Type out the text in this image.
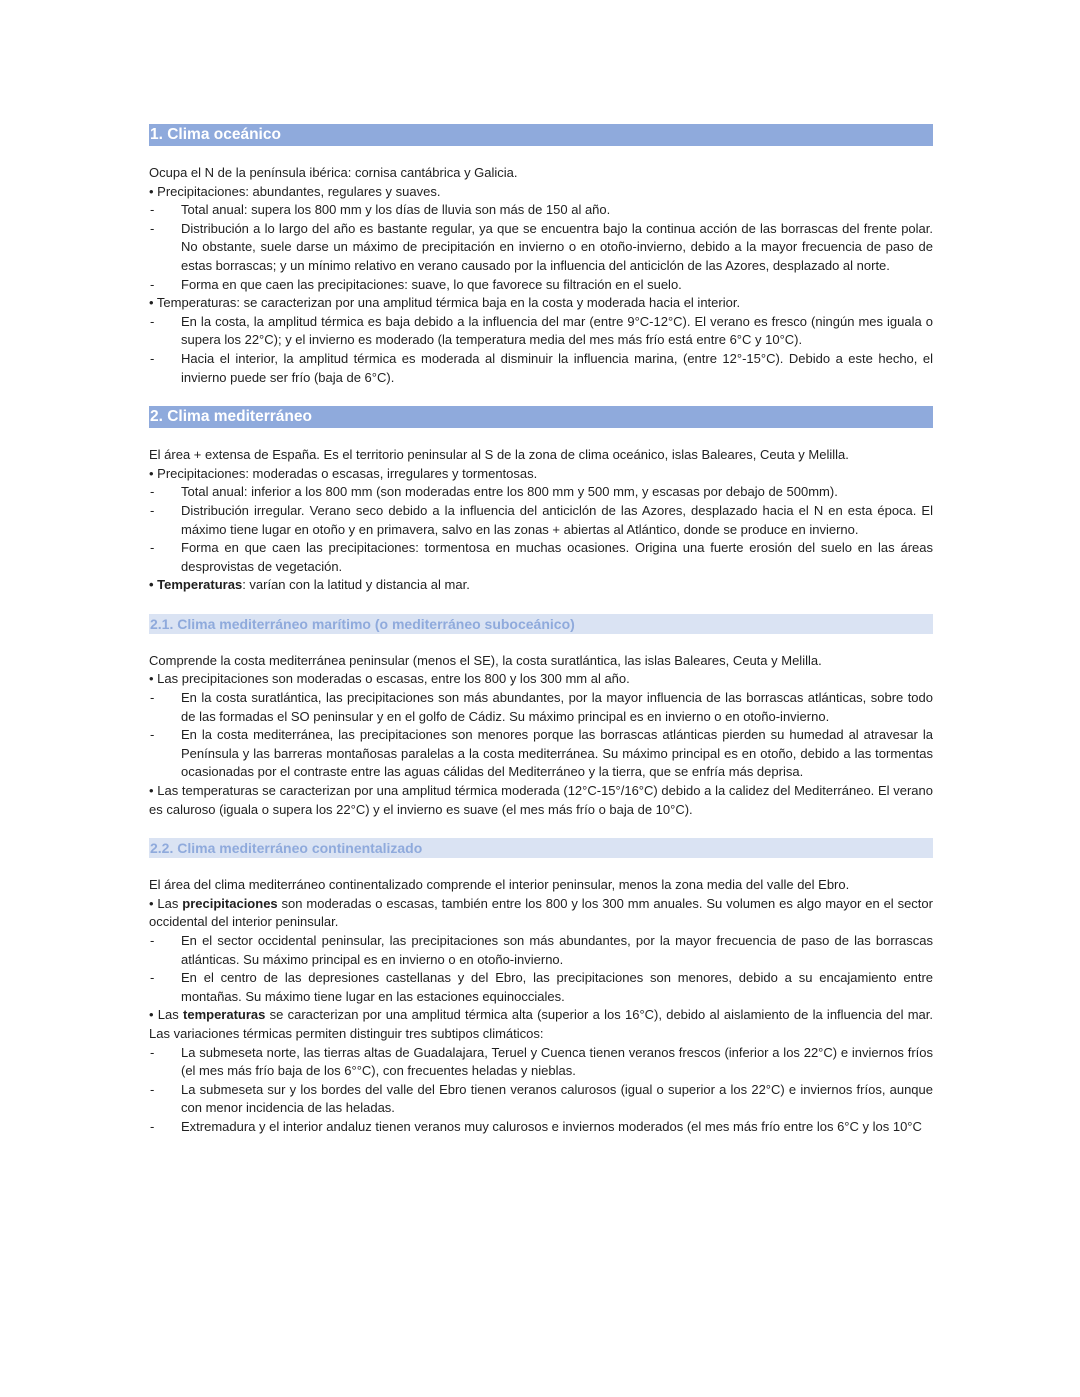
1. Clima oceánico

Ocupa el N de la península ibérica: cornisa cantábrica y Galicia.

• Precipitaciones: abundantes, regulares y suaves.

- Total anual: supera los 800 mm y los días de lluvia son más de 150 al año.

- Distribución a lo largo del año es bastante regular, ya que se encuentra bajo la continua acción de las borrascas del frente polar. No obstante, suele darse un máximo de precipitación en invierno o en otoño-invierno, debido a la mayor frecuencia de paso de estas borrascas; y un mínimo relativo en verano causado por la influencia del anticiclón de las Azores, desplazado al norte.

- Forma en que caen las precipitaciones: suave, lo que favorece su filtración en el suelo.

• Temperaturas: se caracterizan por una amplitud térmica baja en la costa y moderada hacia el interior.

- En la costa, la amplitud térmica es baja debido a la influencia del mar (entre 9°C-12°C). El verano es fresco (ningún mes iguala o supera los 22°C); y el invierno es moderado (la temperatura media del mes más frío está entre 6°C y 10°C).

- Hacia el interior, la amplitud térmica es moderada al disminuir la influencia marina, (entre 12°-15°C). Debido a este hecho, el invierno puede ser frío (baja de 6°C).

2. Clima mediterráneo

El área + extensa de España. Es el territorio peninsular al S de la zona de clima oceánico, islas Baleares, Ceuta y Melilla.

• Precipitaciones: moderadas o escasas, irregulares y tormentosas.

- Total anual: inferior a los 800 mm (son moderadas entre los 800 mm y 500 mm, y escasas por debajo de 500mm).

- Distribución irregular. Verano seco debido a la influencia del anticiclón de las Azores, desplazado hacia el N en esta época. El máximo tiene lugar en otoño y en primavera, salvo en las zonas + abiertas al Atlántico, donde se produce en invierno.

- Forma en que caen las precipitaciones: tormentosa en muchas ocasiones. Origina una fuerte erosión del suelo en las áreas desprovistas de vegetación.

• Temperaturas: varían con la latitud y distancia al mar.

2.1. Clima mediterráneo marítimo (o mediterráneo suboceánico)

Comprende la costa mediterránea peninsular (menos el SE), la costa suratlántica, las islas Baleares, Ceuta y Melilla.

• Las precipitaciones son moderadas o escasas, entre los 800 y los 300 mm al año.

- En la costa suratlántica, las precipitaciones son más abundantes, por la mayor influencia de las borrascas atlánticas, sobre todo de las formadas el SO peninsular y en el golfo de Cádiz. Su máximo principal es en invierno o en otoño-invierno.

- En la costa mediterránea, las precipitaciones son menores porque las borrascas atlánticas pierden su humedad al atravesar la Península y las barreras montañosas paralelas a la costa mediterránea. Su máximo principal es en otoño, debido a las tormentas ocasionadas por el contraste entre las aguas cálidas del Mediterráneo y la tierra, que se enfría más deprisa.

• Las temperaturas se caracterizan por una amplitud térmica moderada (12°C-15°/16°C) debido a la calidez del Mediterráneo. El verano es caluroso (iguala o supera los 22°C) y el invierno es suave (el mes más frío o baja de 10°C).

2.2. Clima mediterráneo continentalizado

El área del clima mediterráneo continentalizado comprende el interior peninsular, menos la zona media del valle del Ebro.

• Las precipitaciones son moderadas o escasas, también entre los 800 y los 300 mm anuales. Su volumen es algo mayor en el sector occidental del interior peninsular.

- En el sector occidental peninsular, las precipitaciones son más abundantes, por la mayor frecuencia de paso de las borrascas atlánticas. Su máximo principal es en invierno o en otoño-invierno.

- En el centro de las depresiones castellanas y del Ebro, las precipitaciones son menores, debido a su encajamiento entre montañas. Su máximo tiene lugar en las estaciones equinocciales.

• Las temperaturas se caracterizan por una amplitud térmica alta (superior a los 16°C), debido al aislamiento de la influencia del mar. Las variaciones térmicas permiten distinguir tres subtipos climáticos:

- La submeseta norte, las tierras altas de Guadalajara, Teruel y Cuenca tienen veranos frescos (inferior a los 22°C) e inviernos fríos (el mes más frío baja de los 6°°C), con frecuentes heladas y nieblas.

- La submeseta sur y los bordes del valle del Ebro tienen veranos calurosos (igual o superior a los 22°C) e inviernos fríos, aunque con menor incidencia de las heladas.

- Extremadura y el interior andaluz tienen veranos muy calurosos e inviernos moderados (el mes más frío entre los 6°C y los 10°C
